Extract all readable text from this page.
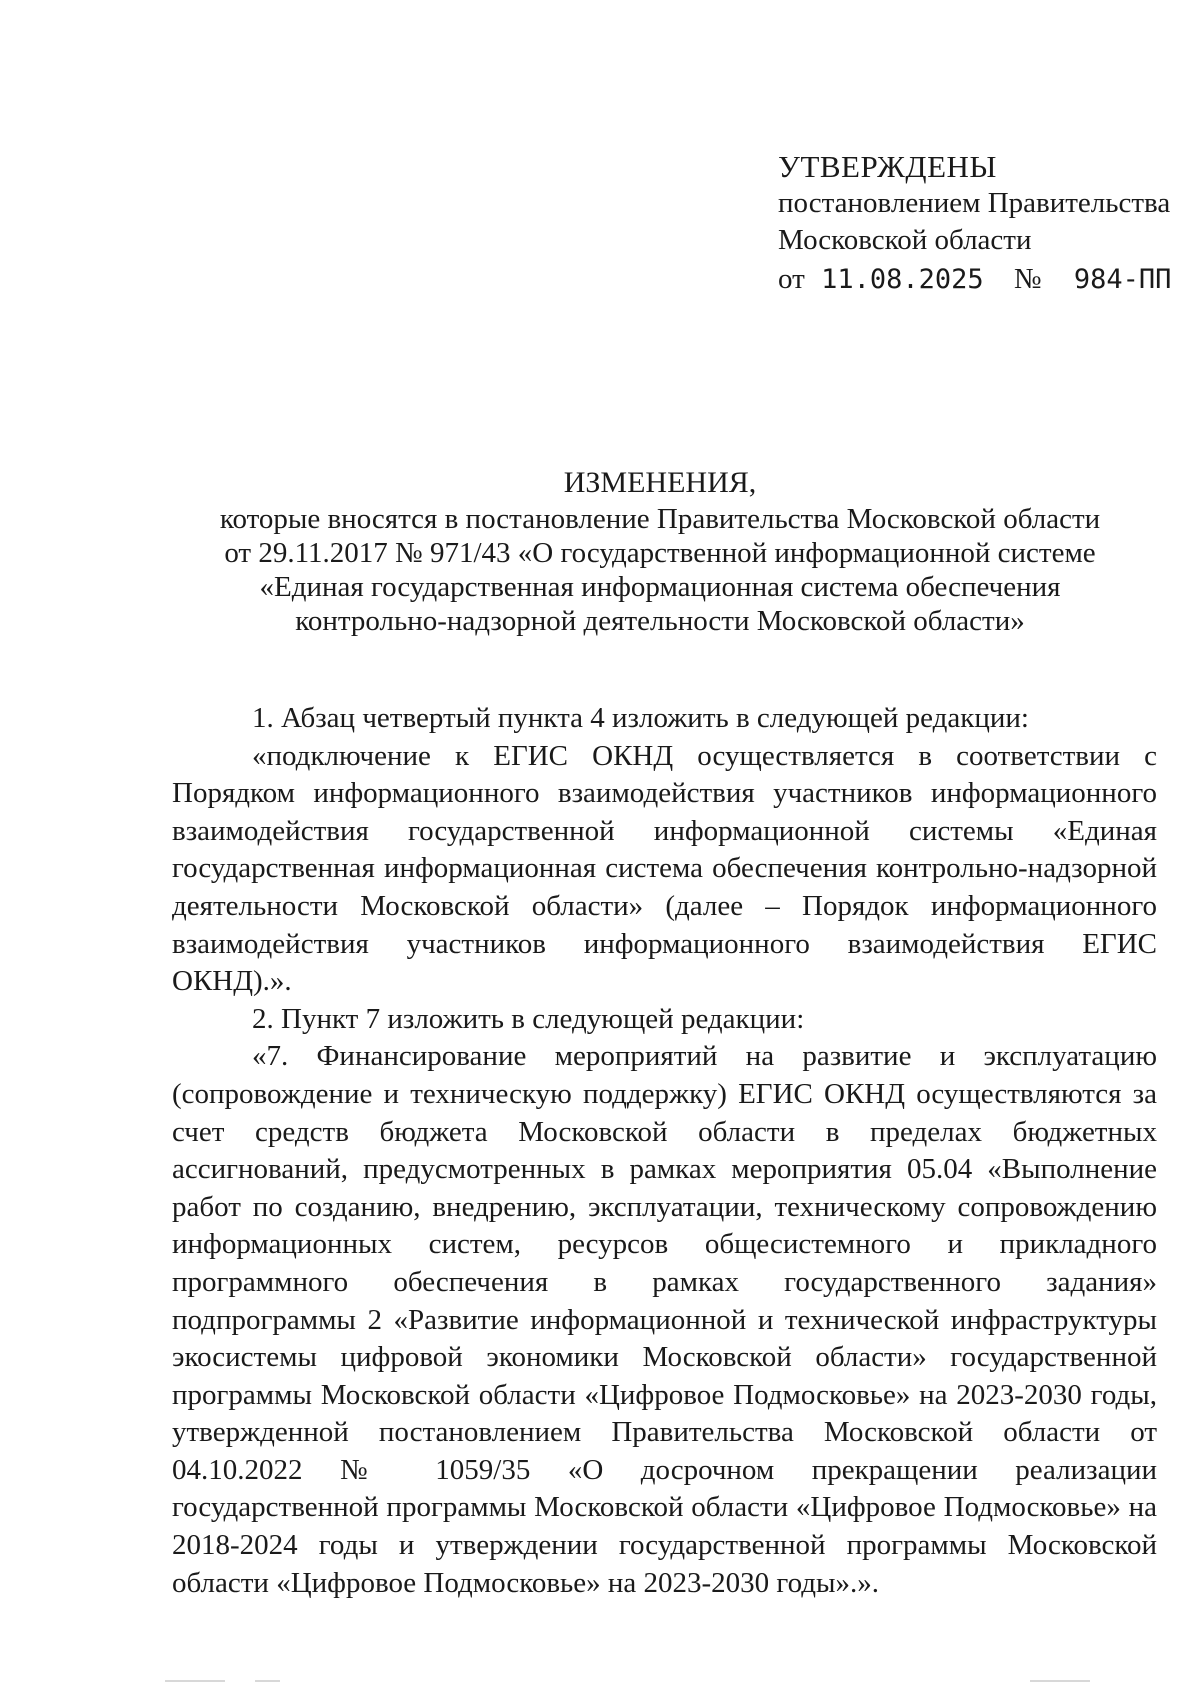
УТВЕРЖДЕНЫ
постановлением Правительства
Московской области
от 11.08.2025 № 984-ПП
ИЗМЕНЕНИЯ,
которые вносятся в постановление Правительства Московской области
от 29.11.2017 № 971/43 «О государственной информационной системе
«Единая государственная информационная система обеспечения
контрольно-надзорной деятельности Московской области»

1. Абзац четвертый пункта 4 изложить в следующей редакции:

«подключение к ЕГИС ОКНД осуществляется в соответствии с Порядком информационного взаимодействия участников информационного взаимодействия государственной информационной системы «Единая государственная информационная система обеспечения контрольно-надзорной деятельности Московской области» (далее – Порядок информационного взаимодействия участников информационного взаимодействия ЕГИС ОКНД).».

2. Пункт 7 изложить в следующей редакции:

«7. Финансирование мероприятий на развитие и эксплуатацию (сопровождение и техническую поддержку) ЕГИС ОКНД осуществляются за счет средств бюджета Московской области в пределах бюджетных ассигнований, предусмотренных в рамках мероприятия 05.04 «Выполнение работ по созданию, внедрению, эксплуатации, техническому сопровождению информационных систем, ресурсов общесистемного и прикладного программного обеспечения в рамках государственного задания» подпрограммы 2 «Развитие информационной и технической инфраструктуры экосистемы цифровой экономики Московской области» государственной программы Московской области «Цифровое Подмосковье» на 2023-2030 годы, утвержденной постановлением Правительства Московской области от 04.10.2022 № 1059/35 «О досрочном прекращении реализации государственной программы Московской области «Цифровое Подмосковье» на 2018-2024 годы и утверждении государственной программы Московской области «Цифровое Подмосковье» на 2023-2030 годы».».
